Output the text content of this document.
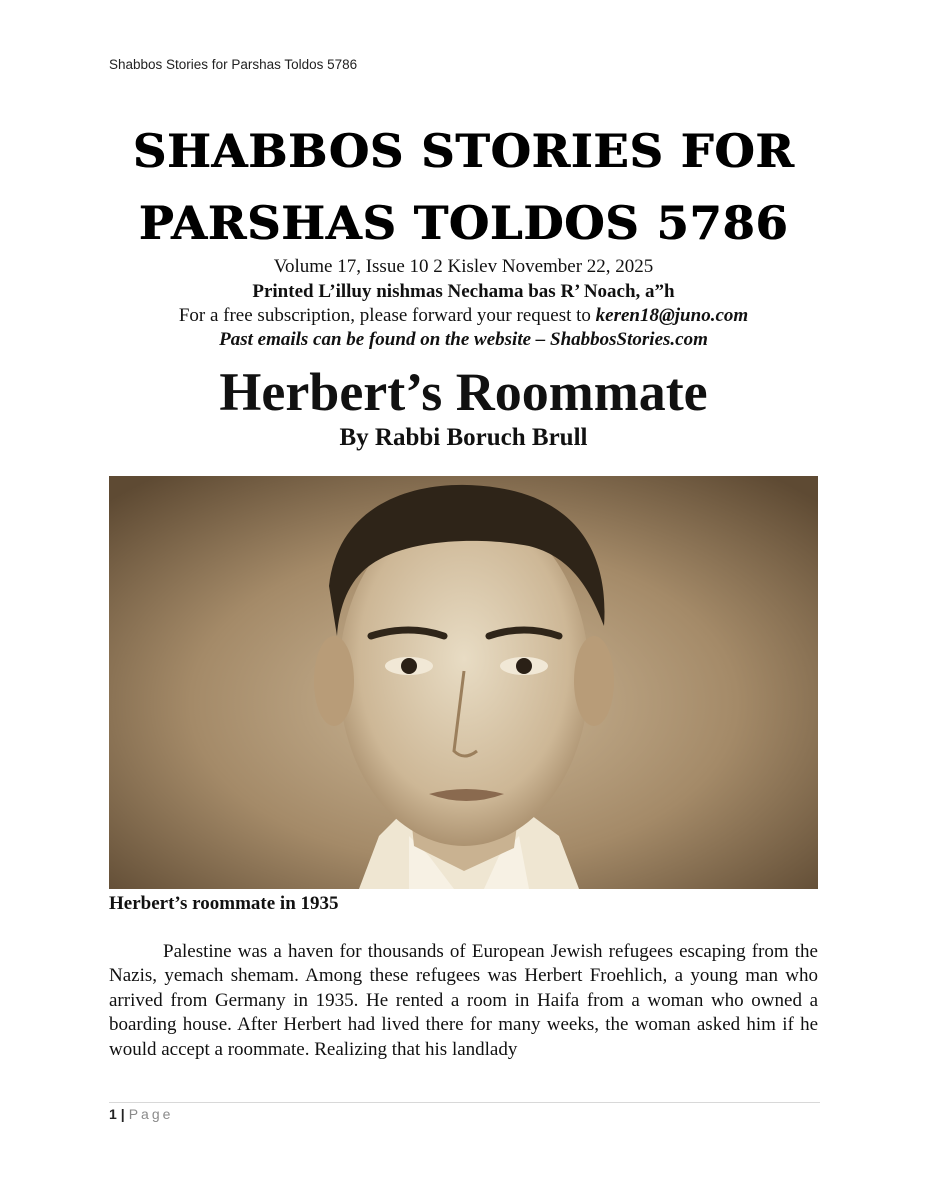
Shabbos Stories for Parshas Toldos 5786
SHABBOS STORIES FOR
PARSHAS TOLDOS 5786
Volume 17, Issue 10 2 Kislev November 22, 2025
Printed L’illuy nishmas Nechama bas R’ Noach, a”h
For a free subscription, please forward your request to keren18@juno.com
Past emails can be found on the website – ShabbosStories.com
Herbert’s Roommate
By Rabbi Boruch Brull
Herbert’s roommate in 1935
Palestine was a haven for thousands of European Jewish refugees escaping from the Nazis, yemach shemam. Among these refugees was Herbert Froehlich, a young man who arrived from Germany in 1935. He rented a room in Haifa from a woman who owned a boarding house. After Herbert had lived there for many weeks, the woman asked him if he would accept a roommate. Realizing that his landlady
1 | Page
